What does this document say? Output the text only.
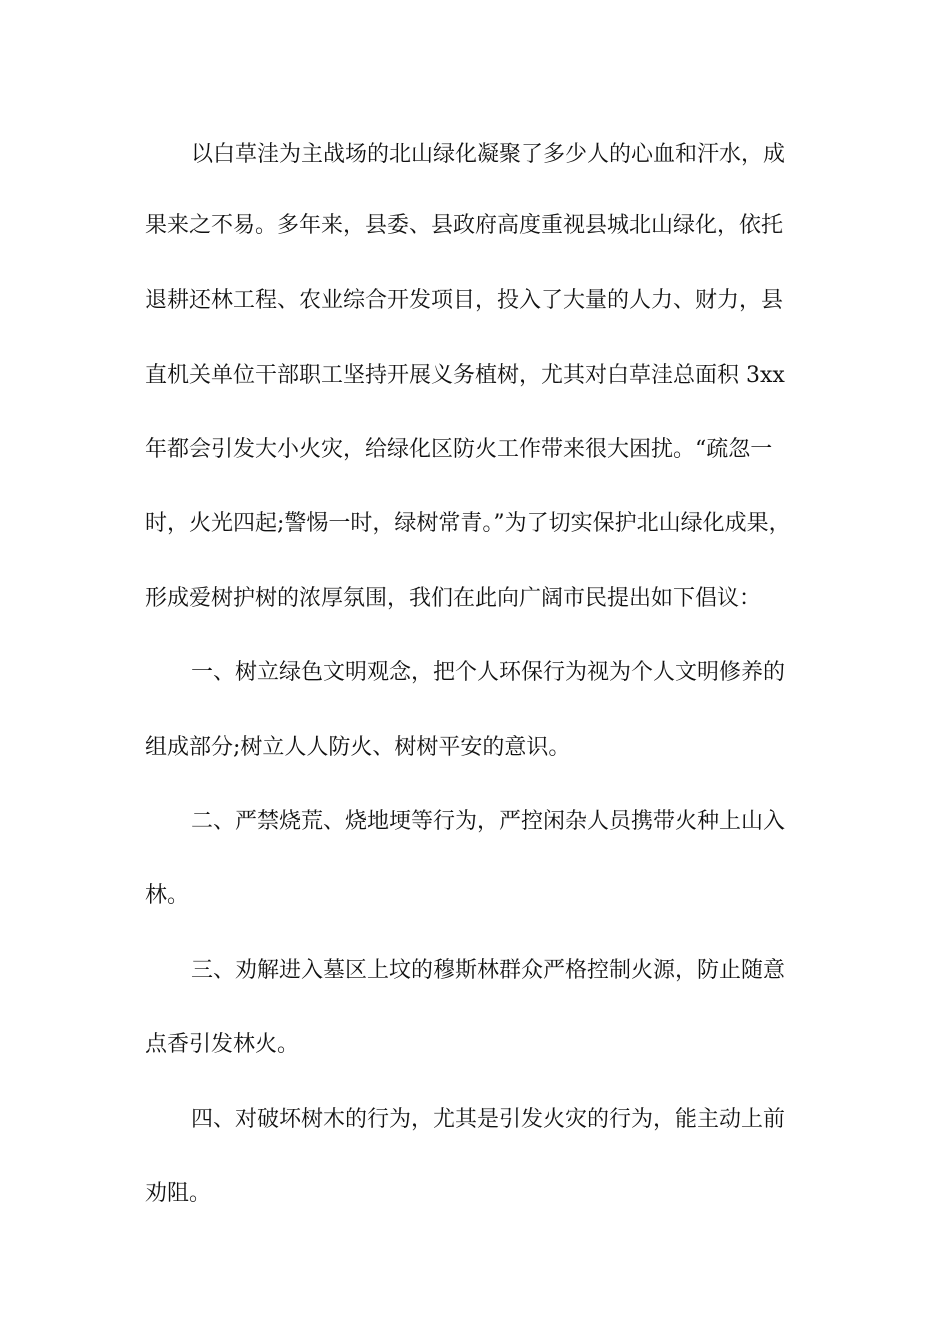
以白草洼为主战场的北山绿化凝聚了多少人的心血和汗水，成
果来之不易。多年来，县委、县政府高度重视县城北山绿化，依托
退耕还林工程、农业综合开发项目，投入了大量的人力、财力，县
直机关单位干部职工坚持开展义务植树，尤其对白草洼总面积 3xx
年都会引发大小火灾，给绿化区防火工作带来很大困扰。“疏忽一
时，火光四起;警惕一时，绿树常青。”为了切实保护北山绿化成果，
形成爱树护树的浓厚氛围，我们在此向广阔市民提出如下倡议：
一、树立绿色文明观念，把个人环保行为视为个人文明修养的
组成部分;树立人人防火、树树平安的意识。
二、严禁烧荒、烧地埂等行为，严控闲杂人员携带火种上山入
林。
三、劝解进入墓区上坟的穆斯林群众严格控制火源，防止随意
点香引发林火。
四、对破坏树木的行为，尤其是引发火灾的行为，能主动上前
劝阻。
